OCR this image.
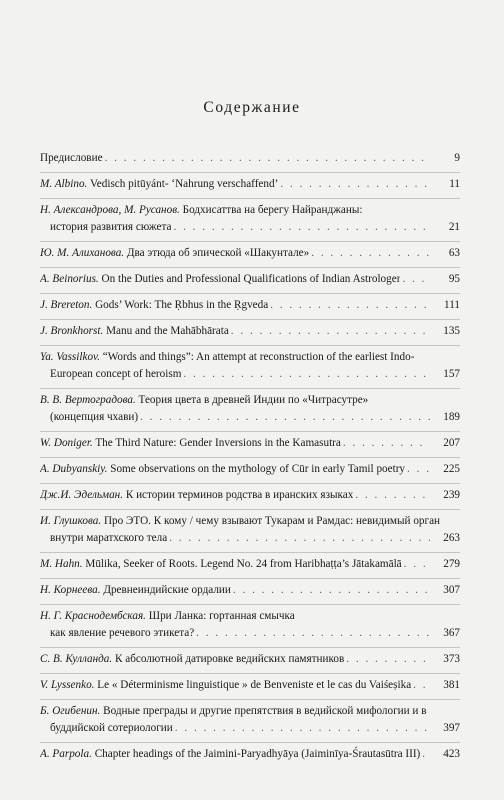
Содержание
Предисловие . . .	9
M. Albino. Vedisch pitūyánt- ‘Nahrung verschaffend’ . . .	11
Н. Александрова, М. Русанов. Бодхисаттва на берегу Найранджаны:
история развития сюжета . . .	21
Ю. М. Алиханова. Два этюда об эпической «Шакунтале» . . .	63
A. Beinorius. On the Duties and Professional Qualifications of Indian Astrologer . . .	95
J. Brereton. Gods’ Work: The Ṛbhus in the Ṛgveda . . .	111
J. Bronkhorst. Manu and the Mahābhārata . . .	135
Ya. Vassilkov. “Words and things”: An attempt at reconstruction of the earliest Indo-
European concept of heroism . . .	157
В. В. Вертоградова. Теория цвета в древней Индии по «Читрасутре»
(концепция чхави) . . .	189
W. Doniger. The Third Nature: Gender Inversions in the Kamasutra . . .	207
A. Dubyanskiy. Some observations on the mythology of Cūr in early Tamil poetry . . .	225
Дж.И. Эдельман. К истории терминов родства в иранских языках . . .	239
И. Глушкова. Про ЭТО. К кому / чему взывают Тукарам и Рамдас: невидимый орган
внутри маратхского тела . . .	263
M. Hahn. Mūlika, Seeker of Roots. Legend No. 24 from Haribhaṭṭa’s Jātakamālā . . .	279
Н. Корнеева. Древнеиндийские ордалии . . .	307
Н. Г. Краснодембская. Шри Ланка: гортанная смычка
как явление речевого этикета? . . .	367
С. В. Кулланда. К абсолютной датировке ведийских памятников . . .	373
V. Lyssenko. Le « Déterminisme linguistique » de Benveniste et le cas du Vaiśeṣika . . .	381
Б. Огибенин. Водные преграды и другие препятствия в ведийской мифологии и в
буддийской сотериологии . . .	397
A. Parpola. Chapter headings of the Jaimini-Paryadhyāya (Jaiminīya-Śrautasūtra III) . . .	423
